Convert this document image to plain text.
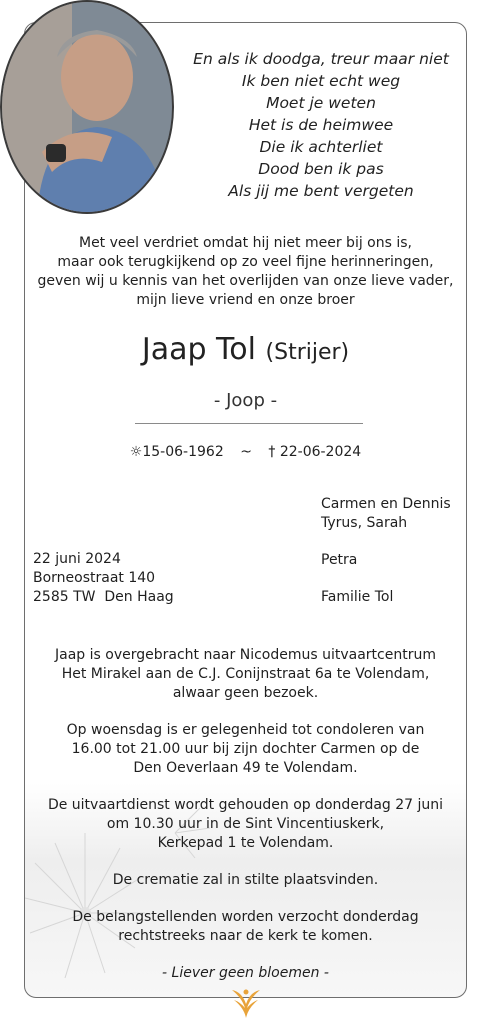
En als ik doodga, treur maar niet
Ik ben niet echt weg
Moet je weten
Het is de heimwee
Die ik achterliet
Dood ben ik pas
Als jij me bent vergeten
Met veel verdriet omdat hij niet meer bij ons is,
maar ook terugkijkend op zo veel fijne herinneringen,
geven wij u kennis van het overlijden van onze lieve vader,
mijn lieve vriend en onze broer
Jaap Tol (Strijer)
- Joop -
☼15-06-1962 ~ † 22-06-2024
22 juni 2024
Borneostraat 140
2585 TW  Den Haag
Carmen en Dennis
Tyrus, Sarah
Petra
Familie Tol
Jaap is overgebracht naar Nicodemus uitvaartcentrum
Het Mirakel aan de C.J. Conijnstraat 6a te Volendam,
alwaar geen bezoek.
Op woensdag is er gelegenheid tot condoleren van
16.00 tot 21.00 uur bij zijn dochter Carmen op de
Den Oeverlaan 49 te Volendam.
De uitvaartdienst wordt gehouden op donderdag 27 juni
om 10.30 uur in de Sint Vincentiuskerk,
Kerkepad 1 te Volendam.
De crematie zal in stilte plaatsvinden.
De belangstellenden worden verzocht donderdag
rechtstreeks naar de kerk te komen.
- Liever geen bloemen -
